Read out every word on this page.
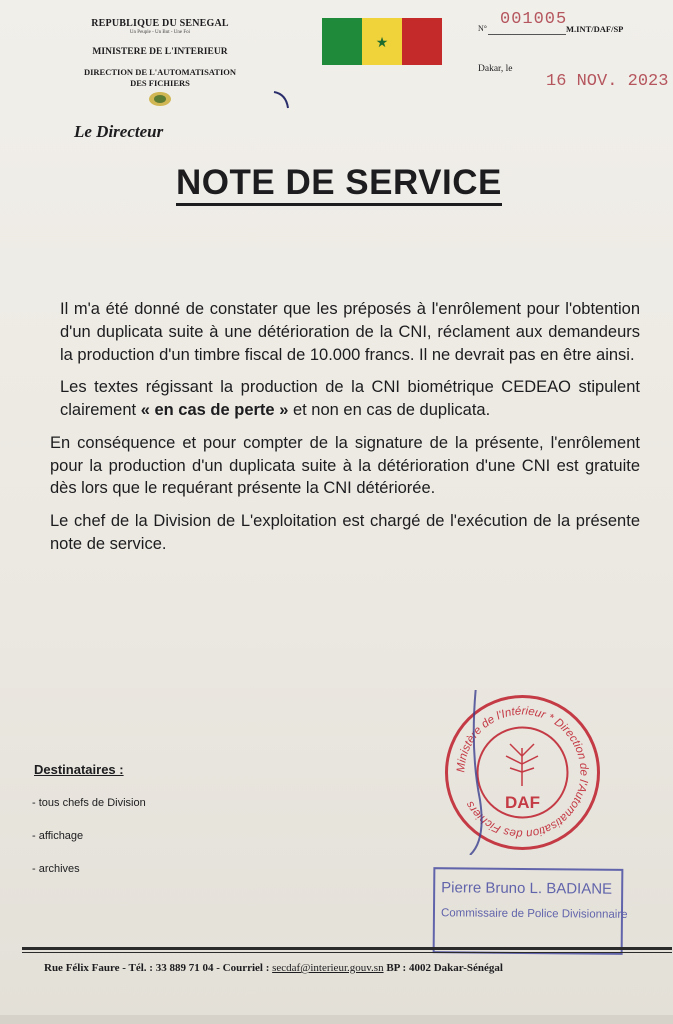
REPUBLIQUE DU SENEGAL
Un Peuple - Un But - Une Foi
MINISTERE DE L'INTERIEUR
DIRECTION DE L'AUTOMATISATION
DES FICHIERS
Le Directeur
★
N° 001005
M.INT/DAF/SP
Dakar, le
16 NOV. 2023
NOTE DE SERVICE

Il m'a été donné de constater que les préposés à l'enrôlement pour l'obtention d'un duplicata suite à une détérioration de la CNI, réclament aux demandeurs la production d'un timbre fiscal de 10.000 francs. Il ne devrait pas en être ainsi.

Les textes régissant la production de la CNI biométrique CEDEAO stipulent clairement « en cas de perte » et non en cas de duplicata.

En conséquence et pour compter de la signature de la présente, l'enrôlement pour la production d'un duplicata suite à la détérioration d'une CNI est gratuite dès lors que le requérant présente la CNI détériorée.

Le chef de la Division de L'exploitation est chargé de l'exécution de la présente note de service.

Destinataires :
- tous chefs de Division
- affichage
- archives
Ministère de l'Intérieur * Direction de l'Automatisation des Fichiers	DAF
Pierre Bruno L. BADIANE
Commissaire de Police Divisionnaire
Rue Félix Faure - Tél. : 33 889 71 04 - Courriel : secdaf@interieur.gouv.sn BP : 4002 Dakar-Sénégal
